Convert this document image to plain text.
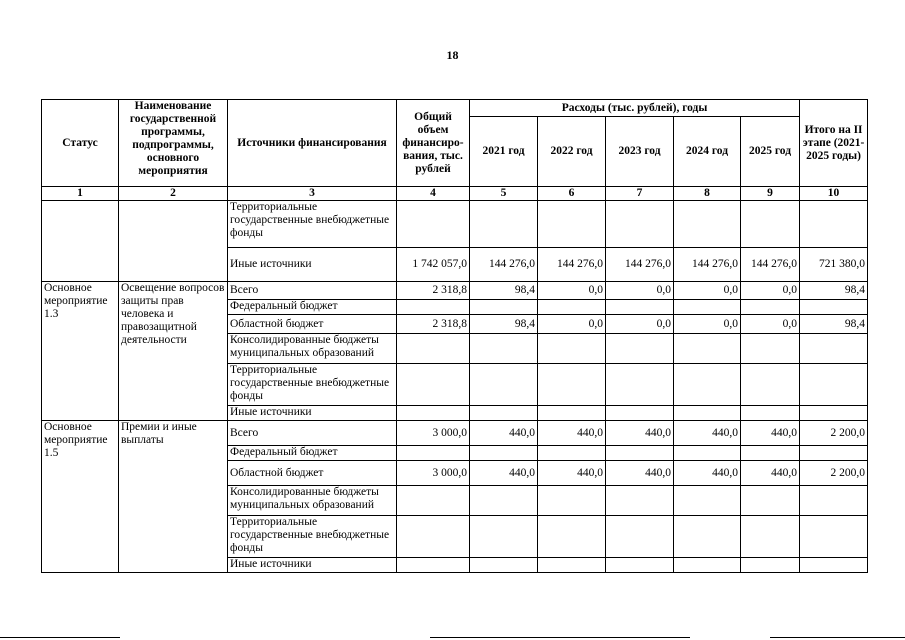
18
Статус	Наименование государственной программы, подпрограммы, основного мероприятия	Источники финансирования	Общий объем финансиро-вания, тыс. рублей	Расходы (тыс. рублей), годы					Итого на II этапе (2021-2025 годы)
				2021 год	2022 год	2023 год	2024 год	2025 год	
1	2	3	4	5	6	7	8	9	10
		Территориальные государственные внебюджетные фонды							
		Иные источники	1 742 057,0	144 276,0	144 276,0	144 276,0	144 276,0	144 276,0	721 380,0
Основное мероприятие 1.3	Освещение вопросов защиты прав человека и правозащитной деятельности	Всего	2 318,8	98,4	0,0	0,0	0,0	0,0	98,4
		Федеральный бюджет							
		Областной бюджет	2 318,8	98,4	0,0	0,0	0,0	0,0	98,4
		Консолидированные бюджеты муниципальных образований							
		Территориальные государственные внебюджетные фонды							
		Иные источники							
Основное мероприятие 1.5	Премии и иные выплаты	Всего	3 000,0	440,0	440,0	440,0	440,0	440,0	2 200,0
		Федеральный бюджет							
		Областной бюджет	3 000,0	440,0	440,0	440,0	440,0	440,0	2 200,0
		Консолидированные бюджеты муниципальных образований							
		Территориальные государственные внебюджетные фонды							
		Иные источники							
